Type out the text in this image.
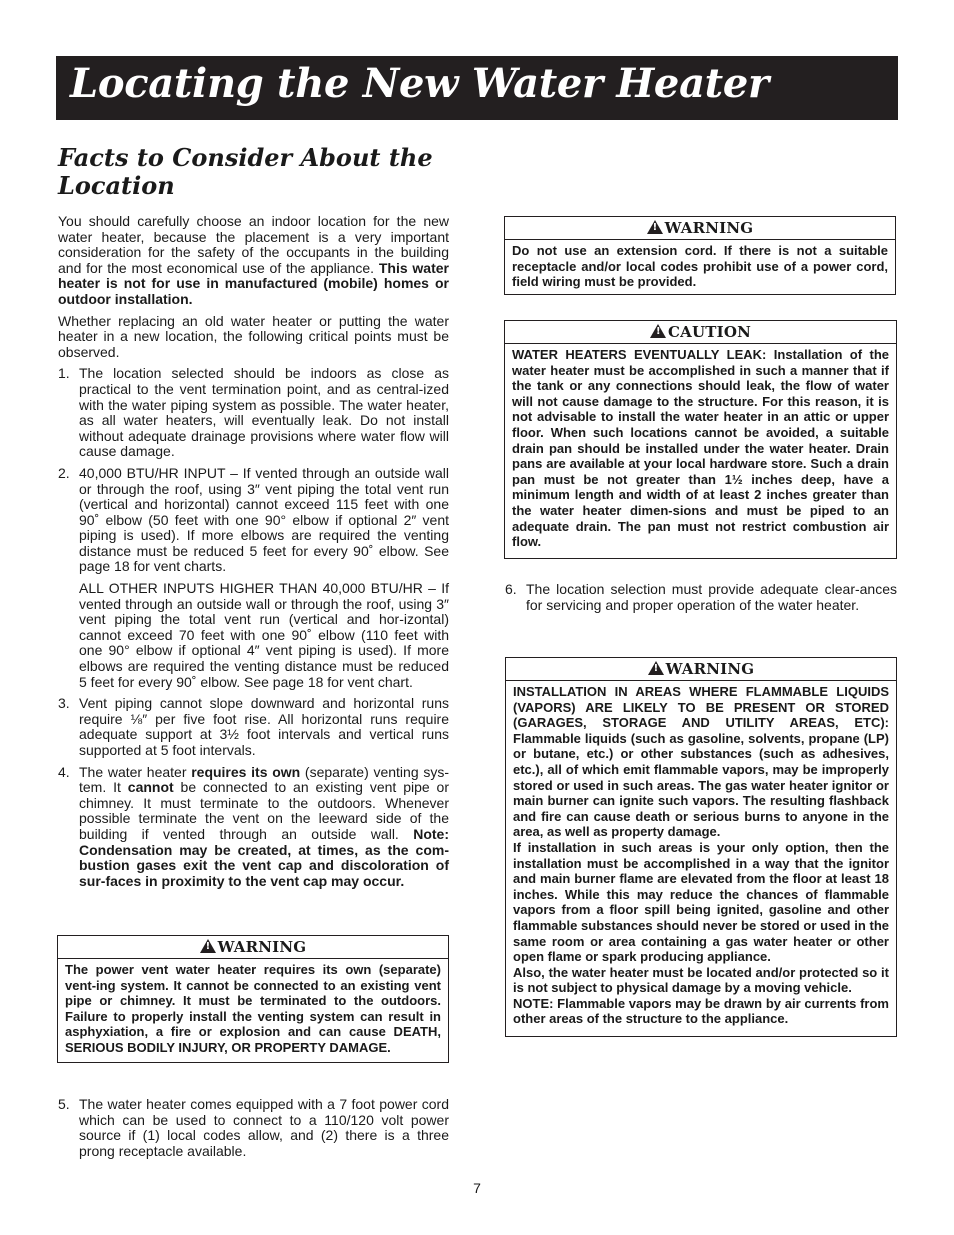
Locating the New Water Heater
Facts to Consider About the Location

You should carefully choose an indoor location for the new water heater, because the placement is a very important consideration for the safety of the occupants in the building and for the most economical use of the appliance. This water heater is not for use in manufactured (mobile) homes or outdoor installation.

Whether replacing an old water heater or putting the water heater in a new location, the following critical points must be observed.

1. The location selected should be indoors as close as practical to the vent termination point, and as central-ized with the water piping system as possible. The water heater, as all water heaters, will eventually leak. Do not install without adequate drainage provisions where water flow will cause damage.
2. 40,000 BTU/HR INPUT – If vented through an outside wall or through the roof, using 3″ vent piping the total vent run (vertical and horizontal) cannot exceed 115 feet with one 90˚ elbow (50 feet with one 90° elbow if optional 2″ vent piping is used). If more elbows are required the venting distance must be reduced 5 feet for every 90˚ elbow. See page 18 for vent charts.
ALL OTHER INPUTS HIGHER THAN 40,000 BTU/HR – If vented through an outside wall or through the roof, using 3″ vent piping the total vent run (vertical and hor-izontal) cannot exceed 70 feet with one 90˚ elbow (110 feet with one 90° elbow if optional 4″ vent piping is used). If more elbows are required the venting distance must be reduced 5 feet for every 90˚ elbow. See page 18 for vent chart.
3. Vent piping cannot slope downward and horizontal runs require ⅛″ per five foot rise. All horizontal runs require adequate support at 3½ foot intervals and vertical runs supported at 5 foot intervals.
4. The water heater requires its own (separate) venting sys-tem. It cannot be connected to an existing vent pipe or chimney. It must terminate to the outdoors. Whenever possible terminate the vent on the leeward side of the building if vented through an outside wall. Note: Condensation may be created, at times, as the com-bustion gases exit the vent cap and discoloration of sur-faces in proximity to the vent cap may occur.
!WARNING

The power vent water heater requires its own (separate) vent-ing system. It cannot be connected to an existing vent pipe or chimney. It must be terminated to the outdoors. Failure to properly install the venting system can result in asphyxiation, a fire or explosion and can cause DEATH, SERIOUS BODILY INJURY, OR PROPERTY DAMAGE.

5. The water heater comes equipped with a 7 foot power cord which can be used to connect to a 110/120 volt power source if (1) local codes allow, and (2) there is a three prong receptacle available.
!WARNING

Do not use an extension cord. If there is not a suitable receptacle and/or local codes prohibit use of a power cord, field wiring must be provided.

!CAUTION

WATER HEATERS EVENTUALLY LEAK: Installation of the water heater must be accomplished in such a manner that if the tank or any connections should leak, the flow of water will not cause damage to the structure. For this reason, it is not advisable to install the water heater in an attic or upper floor. When such locations cannot be avoided, a suitable drain pan should be installed under the water heater. Drain pans are available at your local hardware store. Such a drain pan must be not greater than 1½ inches deep, have a minimum length and width of at least 2 inches greater than the water heater dimen-sions and must be piped to an adequate drain. The pan must not restrict combustion air flow.

6. The location selection must provide adequate clear-ances for servicing and proper operation of the water heater.
!WARNING

INSTALLATION IN AREAS WHERE FLAMMABLE LIQUIDS (VAPORS) ARE LIKELY TO BE PRESENT OR STORED (GARAGES, STORAGE AND UTILITY AREAS, ETC): Flammable liquids (such as gasoline, solvents, propane (LP) or butane, etc.) or other substances (such as adhesives, etc.), all of which emit flammable vapors, may be improperly stored or used in such areas. The gas water heater ignitor or main burner can ignite such vapors. The resulting flashback and fire can cause death or serious burns to anyone in the area, as well as property damage.

If installation in such areas is your only option, then the installation must be accomplished in a way that the ignitor and main burner flame are elevated from the floor at least 18 inches. While this may reduce the chances of flammable vapors from a floor spill being ignited, gasoline and other flammable substances should never be stored or used in the same room or area containing a gas water heater or other open flame or spark producing appliance.

Also, the water heater must be located and/or protected so it is not subject to physical damage by a moving vehicle.

NOTE: Flammable vapors may be drawn by air currents from other areas of the structure to the appliance.

7
